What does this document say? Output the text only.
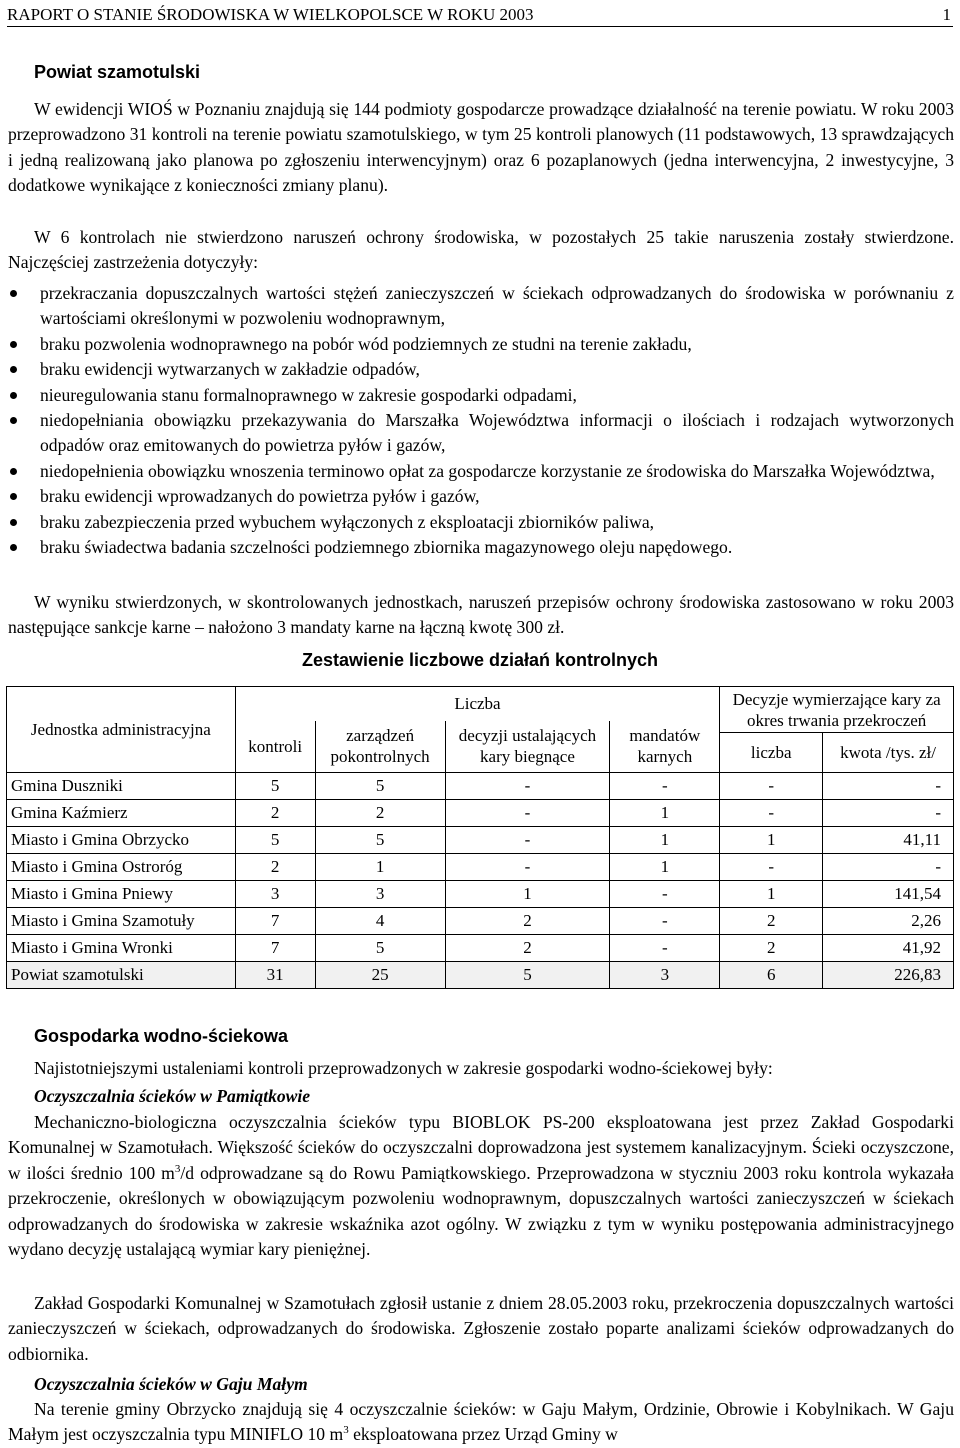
RAPORT O STANIE ŚRODOWISKA W WIELKOPOLSCE W ROKU 2003	1
Powiat szamotulski
W ewidencji WIOŚ w Poznaniu znajdują się 144 podmioty gospodarcze prowadzące działalność na terenie powiatu. W roku 2003 przeprowadzono 31 kontroli na terenie powiatu szamotulskiego, w tym 25 kontroli planowych (11 podstawowych, 13 sprawdzających i jedną realizowaną jako planowa po zgłoszeniu interwencyjnym) oraz 6 pozaplanowych (jedna interwencyjna, 2 inwestycyjne, 3 dodatkowe wynikające z konieczności zmiany planu).
W 6 kontrolach nie stwierdzono naruszeń ochrony środowiska, w pozostałych 25 takie naruszenia zostały stwierdzone. Najczęściej zastrzeżenia dotyczyły:
przekraczania dopuszczalnych wartości stężeń zanieczyszczeń w ściekach odprowadzanych do środowiska w porównaniu z wartościami określonymi w pozwoleniu wodnoprawnym,
braku pozwolenia wodnoprawnego na pobór wód podziemnych ze studni na terenie zakładu,
braku ewidencji wytwarzanych w zakładzie odpadów,
nieuregulowania stanu formalnoprawnego w zakresie gospodarki odpadami,
niedopełniania obowiązku przekazywania do Marszałka Województwa informacji o ilościach i rodzajach wytworzonych odpadów oraz emitowanych do powietrza pyłów i gazów,
niedopełnienia obowiązku wnoszenia terminowo opłat za gospodarcze korzystanie ze środowiska do Marszałka Województwa,
braku ewidencji wprowadzanych do powietrza pyłów i gazów,
braku zabezpieczenia przed wybuchem wyłączonych z eksploatacji zbiorników paliwa,
braku świadectwa badania szczelności podziemnego zbiornika magazynowego oleju napędowego.
W wyniku stwierdzonych, w skontrolowanych jednostkach, naruszeń przepisów ochrony środowiska zastosowano w roku 2003 następujące sankcje karne – nałożono 3 mandaty karne na łączną kwotę 300 zł.
Zestawienie liczbowe działań kontrolnych
Jednostka administracyjna	Liczba				Decyzje wymierzające kary za okres trwania przekroczeń	
	kontroli	zarządzeń pokontrolnych	decyzji ustalających kary biegnące	mandatów karnych		
					liczba	kwota /tys. zł/
Gmina Duszniki	5	5	-	-	-	-
Gmina Kaźmierz	2	2	-	1	-	-
Miasto i Gmina Obrzycko	5	5	-	1	1	41,11
Miasto i Gmina Ostroróg	2	1	-	1	-	-
Miasto i Gmina Pniewy	3	3	1	-	1	141,54
Miasto i Gmina Szamotuły	7	4	2	-	2	2,26
Miasto i Gmina Wronki	7	5	2	-	2	41,92
Powiat szamotulski	31	25	5	3	6	226,83
Gospodarka wodno-ściekowa
Najistotniejszymi ustaleniami kontroli przeprowadzonych w zakresie gospodarki wodno-ściekowej były:
Oczyszczalnia ścieków w Pamiątkowie
Mechaniczno-biologiczna oczyszczalnia ścieków typu BIOBLOK PS-200 eksploatowana jest przez Zakład Gospodarki Komunalnej w Szamotułach. Większość ścieków do oczyszczalni doprowadzona jest systemem kanalizacyjnym. Ścieki oczyszczone, w ilości średnio 100 $m^3/d$ odprowadzane są do Rowu Pamiątkowskiego. Przeprowadzona w styczniu 2003 roku kontrola wykazała przekroczenie, określonych w obowiązującym pozwoleniu wodnoprawnym, dopuszczalnych wartości zanieczyszczeń w ściekach odprowadzanych do środowiska w zakresie wskaźnika azot ogólny. W związku z tym w wyniku postępowania administracyjnego wydano decyzję ustalającą wymiar kary pieniężnej.
Zakład Gospodarki Komunalnej w Szamotułach zgłosił ustanie z dniem 28.05.2003 roku, przekroczenia dopuszczalnych wartości zanieczyszczeń w ściekach, odprowadzanych do środowiska. Zgłoszenie zostało poparte analizami ścieków odprowadzanych do odbiornika.
Oczyszczalnia ścieków w Gaju Małym
Na terenie gminy Obrzycko znajdują się 4 oczyszczalnie ścieków: w Gaju Małym, Ordzinie, Obrowie i Kobylnikach. W Gaju Małym jest oczyszczalnia typu MINIFLO 10 $m^3$ eksploatowana przez Urząd Gminy w
